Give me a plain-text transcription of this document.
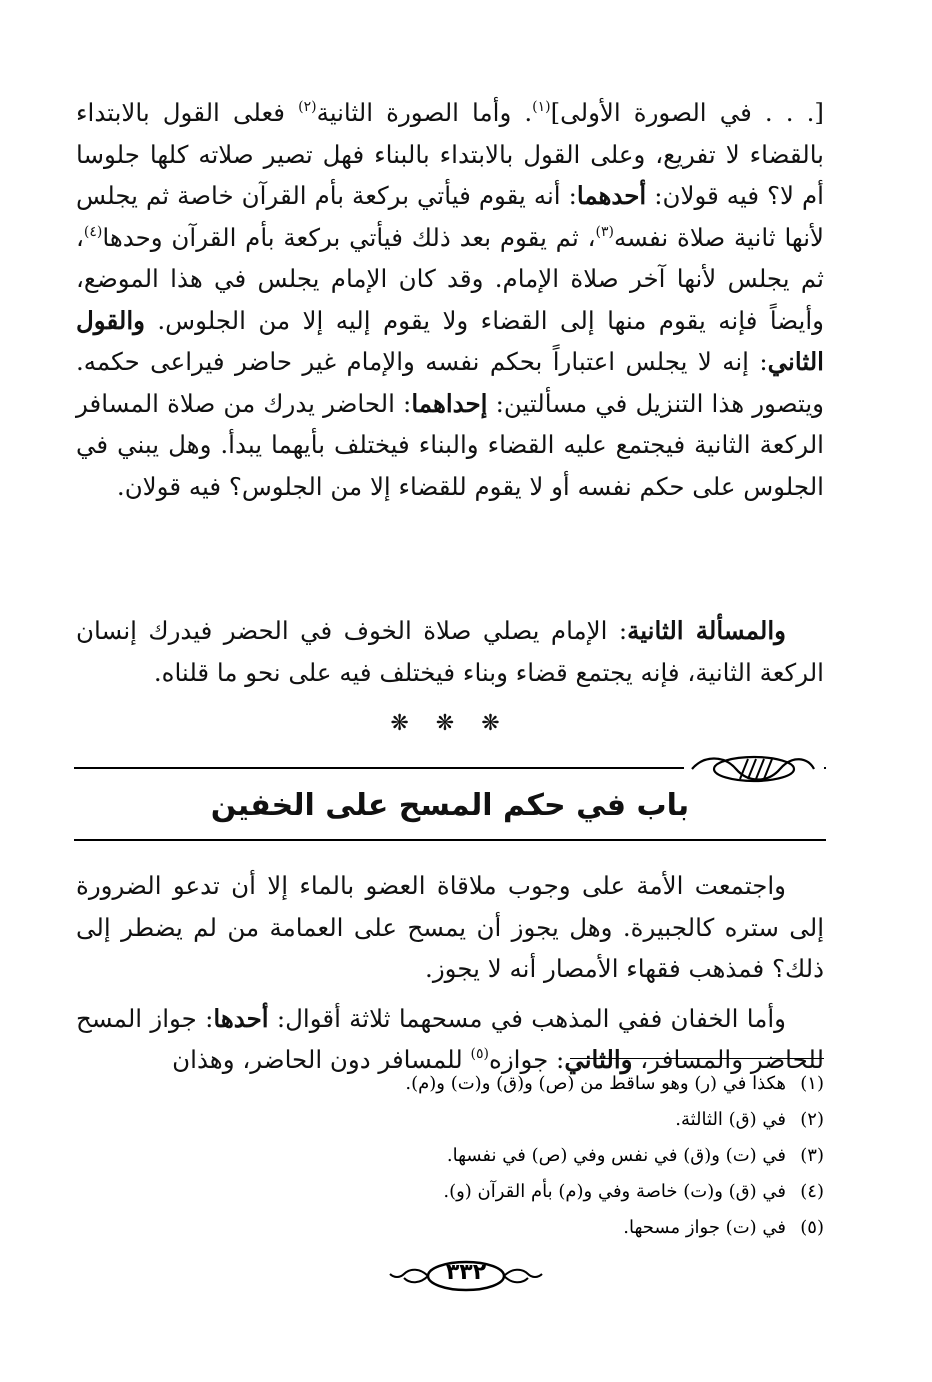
[. . . في الصورة الأولى]$^{(١)}$. وأما الصورة الثانية$^{(٢)}$ فعلى القول بالابتداء بالقضاء لا تفريع، وعلى القول بالابتداء بالبناء فهل تصير صلاته كلها جلوسا أم لا؟ فيه قولان: أحدهما: أنه يقوم فيأتي بركعة بأم القرآن خاصة ثم يجلس لأنها ثانية صلاة نفسه$^{(٣)}$، ثم يقوم بعد ذلك فيأتي بركعة بأم القرآن وحدها$^{(٤)}$، ثم يجلس لأنها آخر صلاة الإمام. وقد كان الإمام يجلس في هذا الموضع، وأيضاً فإنه يقوم منها إلى القضاء ولا يقوم إليه إلا من الجلوس. والقول الثاني: إنه لا يجلس اعتباراً بحكم نفسه والإمام غير حاضر فيراعى حكمه. ويتصور هذا التنزيل في مسألتين: إحداهما: الحاضر يدرك من صلاة المسافر الركعة الثانية فيجتمع عليه القضاء والبناء فيختلف بأيهما يبدأ. وهل يبني في الجلوس على حكم نفسه أو لا يقوم للقضاء إلا من الجلوس؟ فيه قولان.

والمسألة الثانية: الإمام يصلي صلاة الخوف في الحضر فيدرك إنسان الركعة الثانية، فإنه يجتمع قضاء وبناء فيختلف فيه على نحو ما قلناه.

❋ ❋ ❋
باب في حكم المسح على الخفين

واجتمعت الأمة على وجوب ملاقاة العضو بالماء إلا أن تدعو الضرورة إلى ستره كالجبيرة. وهل يجوز أن يمسح على العمامة من لم يضطر إلى ذلك؟ فمذهب فقهاء الأمصار أنه لا يجوز.

وأما الخفان ففي المذهب في مسحهما ثلاثة أقوال: أحدها: جواز المسح للحاضر والمسافر، والثاني: جوازه$^{(٥)}$ للمسافر دون الحاضر، وهذان

(١)
هكذا في (ر) وهو ساقط من (ص) و(ق) و(ت) و(م).
(٢)
في (ق) الثالثة.
(٣)
في (ت) و(ق) في نفس وفي (ص) في نفسها.
(٤)
في (ق) و(ت) خاصة وفي و(م) بأم القرآن (و).
(٥)
في (ت) جواز مسحها.
٣٣٢
